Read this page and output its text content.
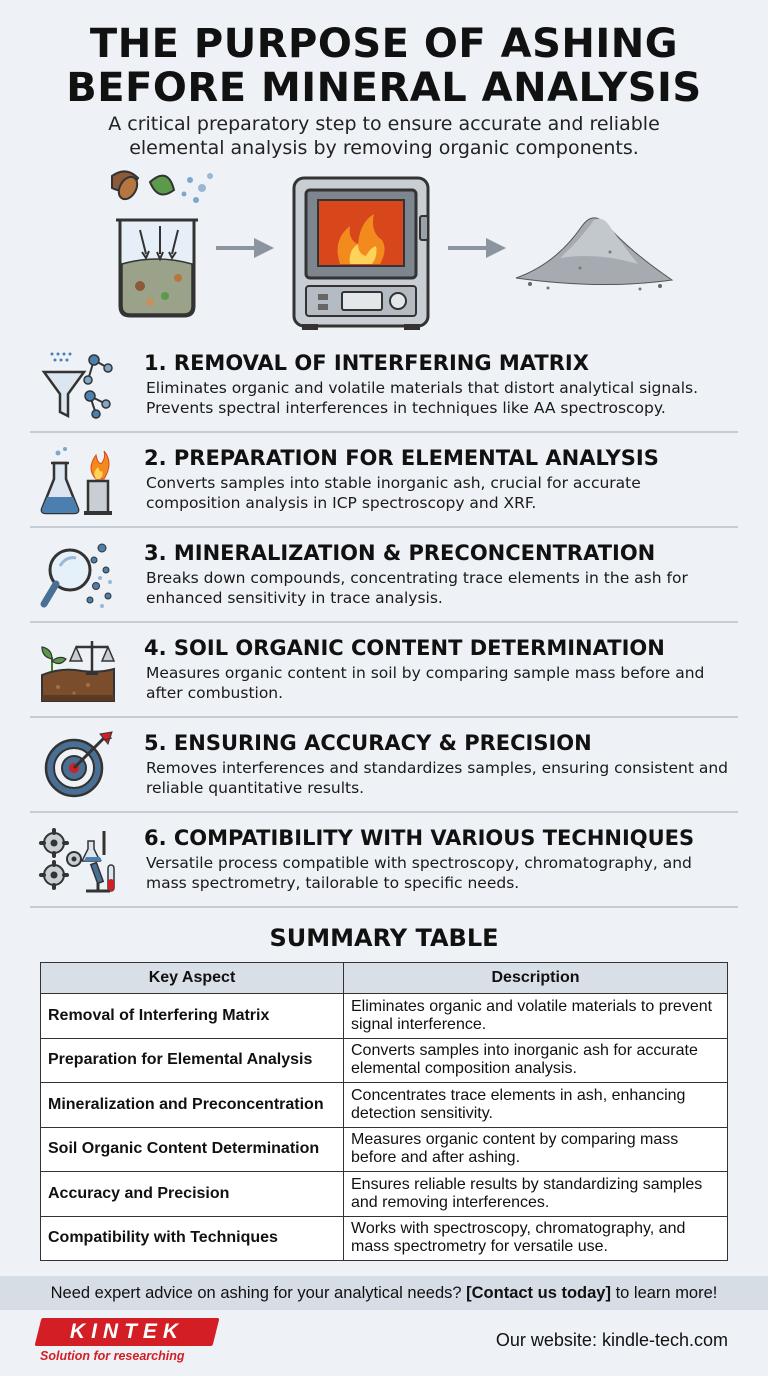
THE PURPOSE OF ASHING
BEFORE MINERAL ANALYSIS
A critical preparatory step to ensure accurate and reliable elemental analysis by removing organic components.
1. REMOVAL OF INTERFERING MATRIX
Eliminates organic and volatile materials that distort analytical signals. Prevents spectral interferences in techniques like AA spectroscopy.
2. PREPARATION FOR ELEMENTAL ANALYSIS
Converts samples into stable inorganic ash, crucial for accurate composition analysis in ICP spectroscopy and XRF.
3. MINERALIZATION & PRECONCENTRATION
Breaks down compounds, concentrating trace elements in the ash for enhanced sensitivity in trace analysis.
4. SOIL ORGANIC CONTENT DETERMINATION
Measures organic content in soil by comparing sample mass before and after combustion.
5. ENSURING ACCURACY & PRECISION
Removes interferences and standardizes samples, ensuring consistent and reliable quantitative results.
6. COMPATIBILITY WITH VARIOUS TECHNIQUES
Versatile process compatible with spectroscopy, chromatography, and mass spectrometry, tailorable to specific needs.
SUMMARY TABLE
Key Aspect	Description
Removal of Interfering Matrix	Eliminates organic and volatile materials to prevent signal interference.
Preparation for Elemental Analysis	Converts samples into inorganic ash for accurate elemental composition analysis.
Mineralization and Preconcentration	Concentrates trace elements in ash, enhancing detection sensitivity.
Soil Organic Content Determination	Measures organic content by comparing mass before and after ashing.
Accuracy and Precision	Ensures reliable results by standardizing samples and removing interferences.
Compatibility with Techniques	Works with spectroscopy, chromatography, and mass spectrometry for versatile use.
Need expert advice on ashing for your analytical needs? [Contact us today] to learn more!
KINTEK
Solution for researching
Our website: kindle-tech.com
